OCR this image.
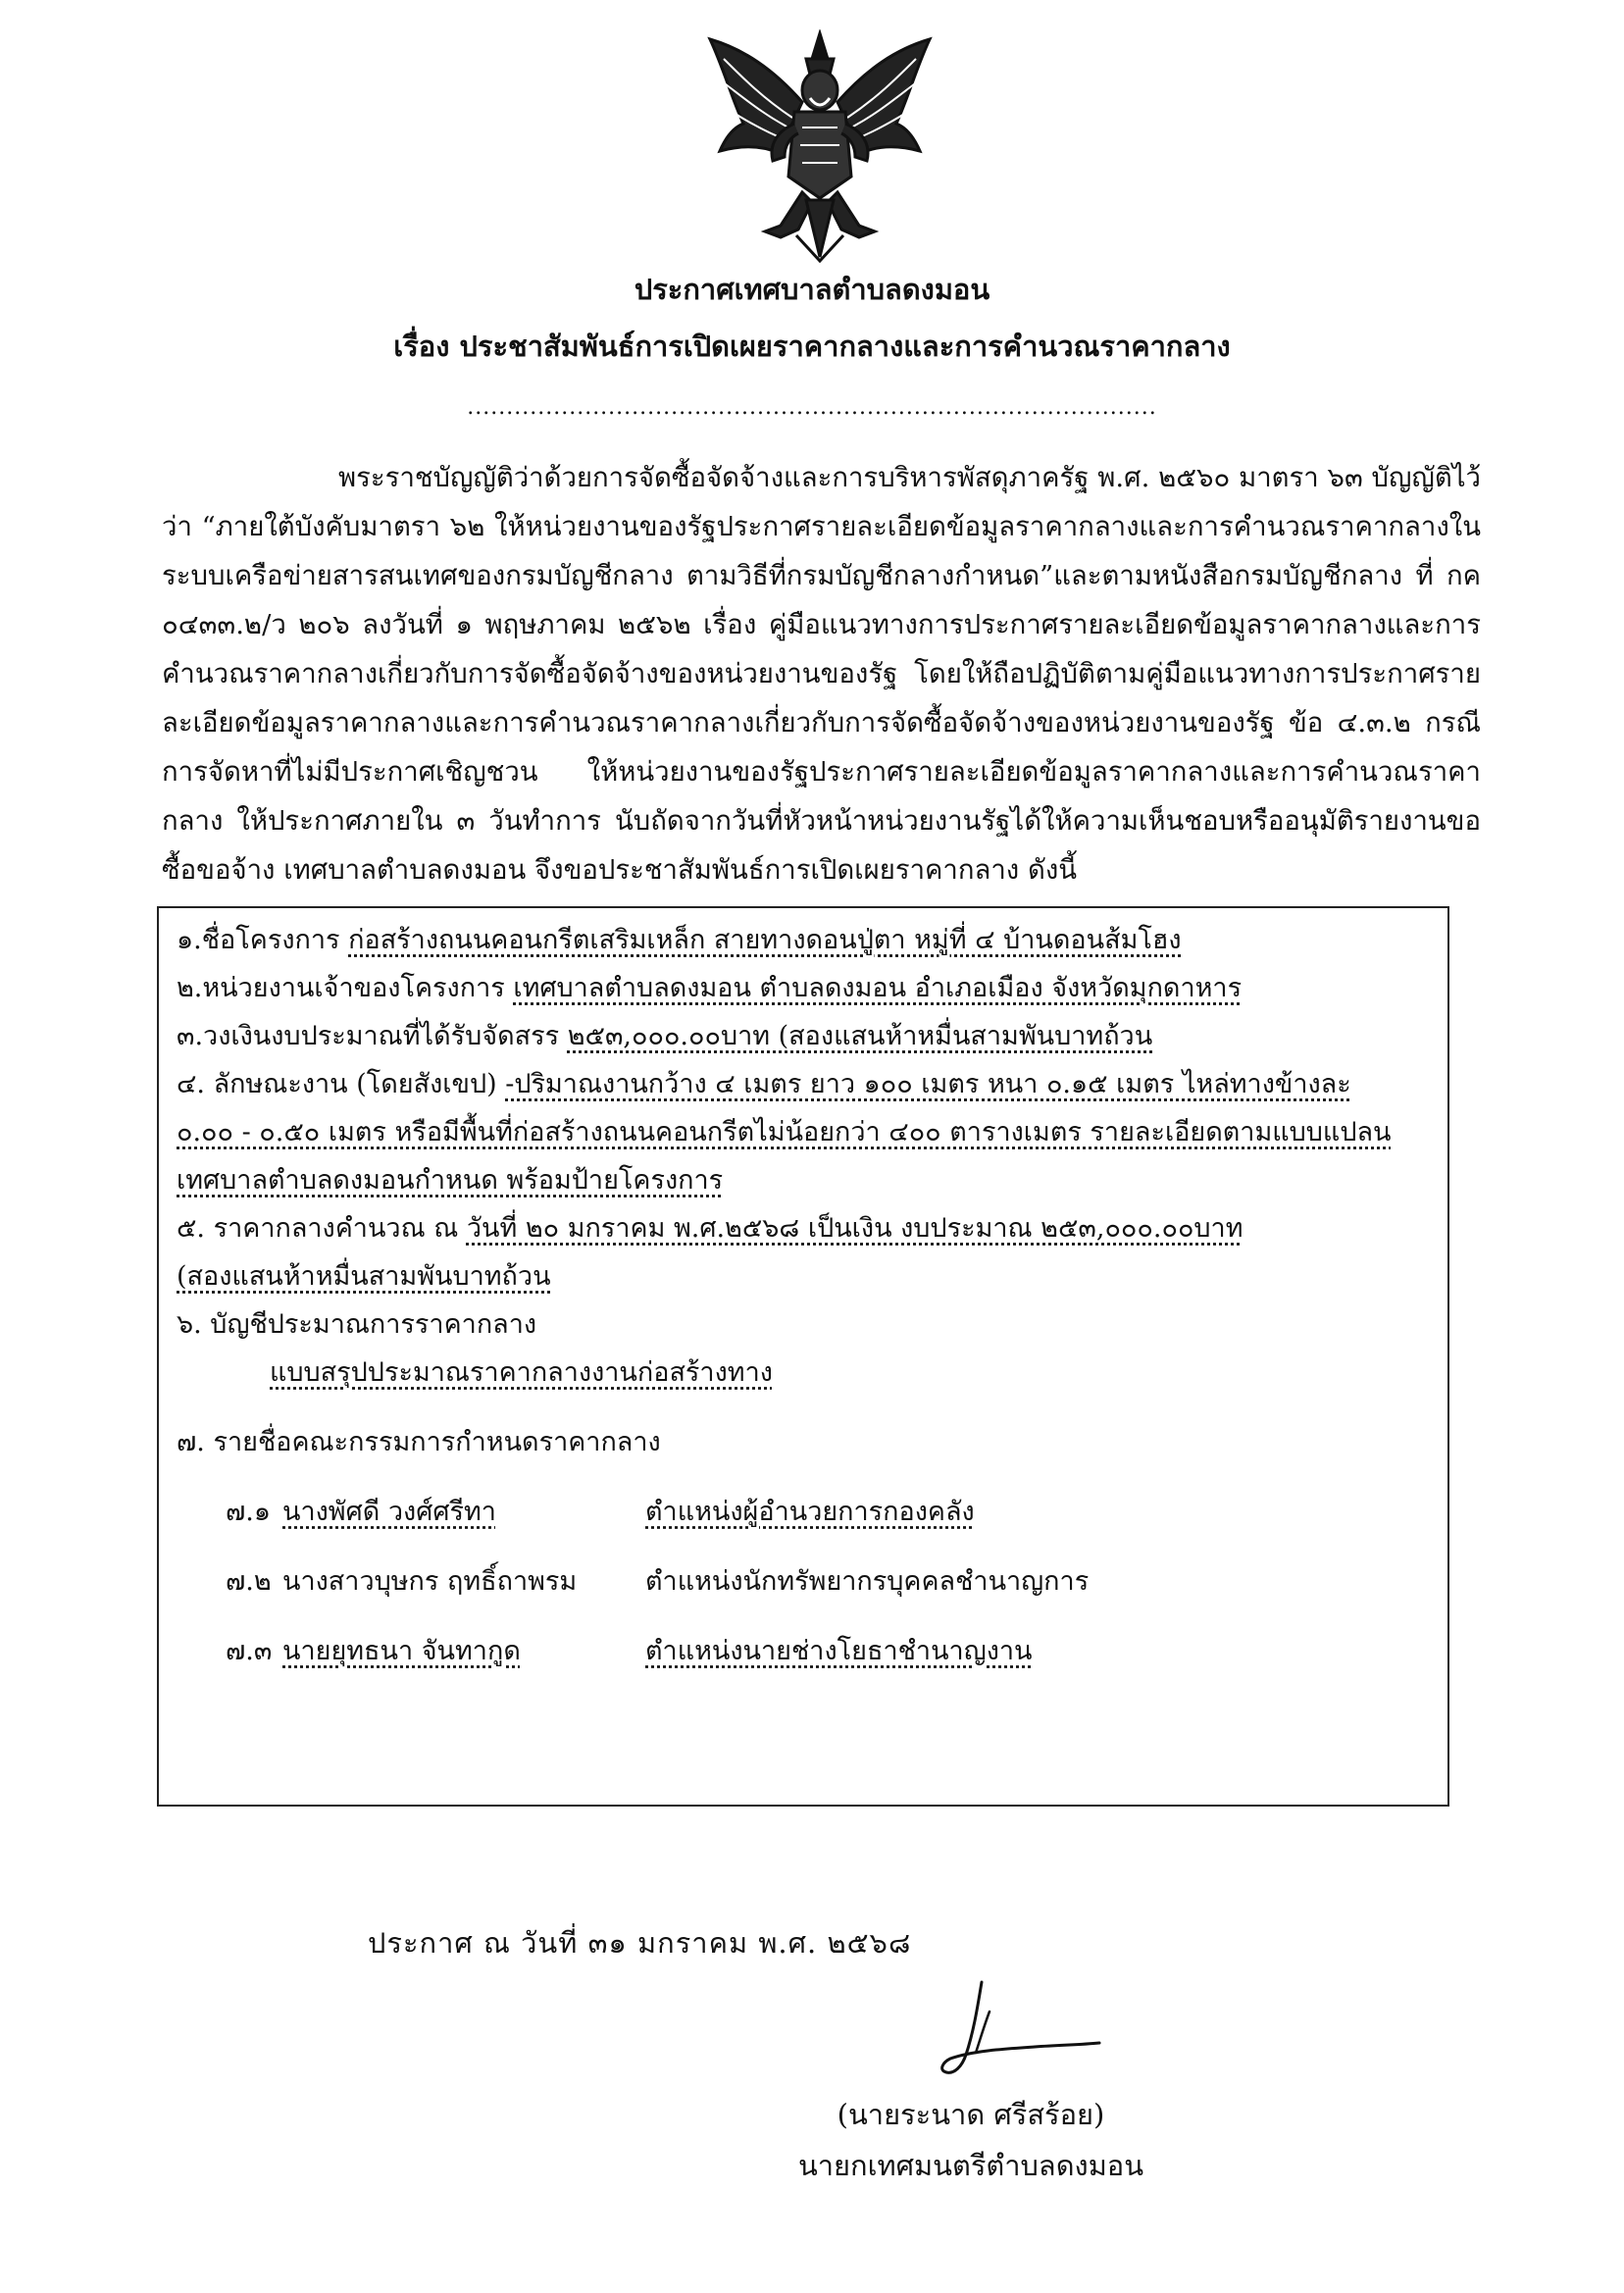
ประกาศเทศบาลตำบลดงมอน
เรื่อง ประชาสัมพันธ์การเปิดเผยราคากลางและการคำนวณราคากลาง
........................................................................................

พระราชบัญญัติว่าด้วยการจัดซื้อจัดจ้างและการบริหารพัสดุภาครัฐ พ.ศ. ๒๕๖๐ มาตรา ๖๓ บัญญัติไว้ว่า “ภายใต้บังคับมาตรา ๖๒ ให้หน่วยงานของรัฐประกาศรายละเอียดข้อมูลราคากลางและการคำนวณราคากลางในระบบเครือข่ายสารสนเทศของกรมบัญชีกลาง ตามวิธีที่กรมบัญชีกลางกำหนด”และตามหนังสือกรมบัญชีกลาง ที่ กค ๐๔๓๓.๒/ว ๒๐๖ ลงวันที่ ๑ พฤษภาคม ๒๕๖๒ เรื่อง คู่มือแนวทางการประกาศรายละเอียดข้อมูลราคากลางและการคำนวณราคากลางเกี่ยวกับการจัดซื้อจัดจ้างของหน่วยงานของรัฐ โดยให้ถือปฏิบัติตามคู่มือแนวทางการประกาศรายละเอียดข้อมูลราคากลางและการคำนวณราคากลางเกี่ยวกับการจัดซื้อจัดจ้างของหน่วยงานของรัฐ ข้อ ๔.๓.๒ กรณีการจัดหาที่ไม่มีประกาศเชิญชวน ให้หน่วยงานของรัฐประกาศรายละเอียดข้อมูลราคากลางและการคำนวณราคากลาง ให้ประกาศภายใน ๓ วันทำการ นับถัดจากวันที่หัวหน้าหน่วยงานรัฐได้ให้ความเห็นชอบหรืออนุมัติรายงานขอซื้อขอจ้าง เทศบาลตำบลดงมอน จึงขอประชาสัมพันธ์การเปิดเผยราคากลาง ดังนี้

๑.ชื่อโครงการ ก่อสร้างถนนคอนกรีตเสริมเหล็ก สายทางดอนปู่ตา หมู่ที่ ๔ บ้านดอนส้มโฮง
๒.หน่วยงานเจ้าของโครงการ เทศบาลตำบลดงมอน ตำบลดงมอน อำเภอเมือง จังหวัดมุกดาหาร
๓.วงเงินงบประมาณที่ได้รับจัดสรร ๒๕๓,๐๐๐.๐๐บาท (สองแสนห้าหมื่นสามพันบาทถ้วน
๔. ลักษณะงาน (โดยสังเขป) -ปริมาณงานกว้าง ๔ เมตร ยาว ๑๐๐ เมตร หนา ๐.๑๕ เมตร ไหล่ทางข้างละ
๐.๐๐ - ๐.๕๐ เมตร หรือมีพื้นที่ก่อสร้างถนนคอนกรีตไม่น้อยกว่า ๔๐๐ ตารางเมตร รายละเอียดตามแบบแปลน
เทศบาลตำบลดงมอนกำหนด พร้อมป้ายโครงการ
๕. ราคากลางคำนวณ ณ วันที่ ๒๐ มกราคม พ.ศ.๒๕๖๘ เป็นเงิน งบประมาณ ๒๕๓,๐๐๐.๐๐บาท
(สองแสนห้าหมื่นสามพันบาทถ้วน
๖. บัญชีประมาณการราคากลาง
แบบสรุปประมาณราคากลางงานก่อสร้างทาง
๗. รายชื่อคณะกรรมการกำหนดราคากลาง
๗.๑ นางพัศดี วงศ์ศรีทา	ตำแหน่งผู้อำนวยการกองคลัง
๗.๒ นางสาวบุษกร ฤทธิ์ถาพรม	ตำแหน่งนักทรัพยากรบุคคลชำนาญการ
๗.๓ นายยุทธนา จันทากูด	ตำแหน่งนายช่างโยธาชำนาญงาน
ประกาศ ณ วันที่ ๓๑ มกราคม พ.ศ. ๒๕๖๘
(นายระนาด ศรีสร้อย)
นายกเทศมนตรีตำบลดงมอน
